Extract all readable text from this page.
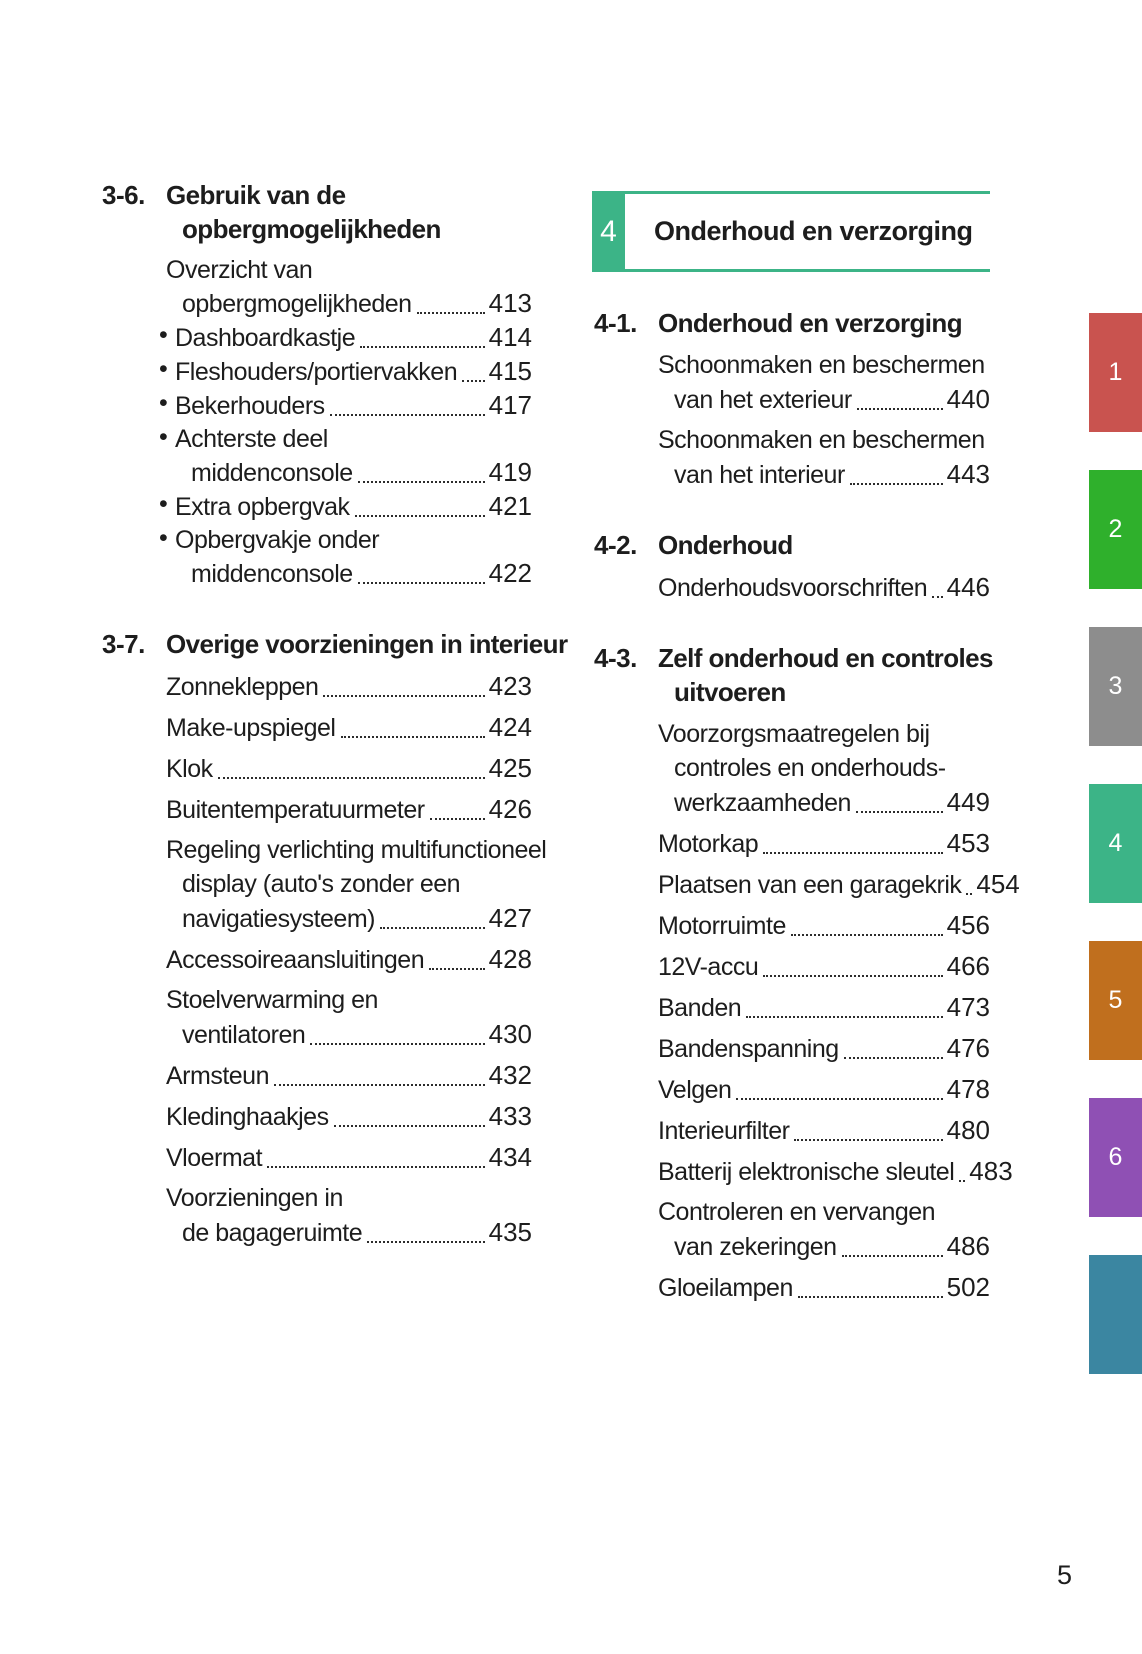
3-6. Gebruik van de
opbergmogelijkheden
Overzicht van
opbergmogelijkheden	413
• Dashboardkastje	414
• Fleshouders/portiervakken 415
• Bekerhouders	417
• Achterste deel
middenconsole	419
• Extra opbergvak	421
• Opbergvakje onder
middenconsole	422
3-7. Overige voorzieningen in interieur
Zonnekleppen	423
Make-upspiegel	424
Klok	425
Buitentemperatuurmeter 426
Regeling verlichting multifunctioneel
display (auto's zonder een
navigatiesysteem)	427
Accessoireaansluitingen 428
Stoelverwarming en
ventilatoren	430
Armsteun	432
Kledinghaakjes	433
Vloermat	434
Voorzieningen in
de bagageruimte	435
4	Onderhoud en verzorging
4-1. Onderhoud en verzorging
Schoonmaken en beschermen
van het exterieur	440
Schoonmaken en beschermen
van het interieur	443
4-2. Onderhoud
Onderhoudsvoorschriften 446
4-3. Zelf onderhoud en controles
uitvoeren
Voorzorgsmaatregelen bij
controles en onderhouds-
werkzaamheden	449
Motorkap	453
Plaatsen van een garagekrik 454
Motorruimte	456
12V-accu	466
Banden	473
Bandenspanning	476
Velgen	478
Interieurfilter	480
Batterij elektronische sleutel 483
Controleren en vervangen
van zekeringen	486
Gloeilampen	502
1
2
3
4
5
6
5
